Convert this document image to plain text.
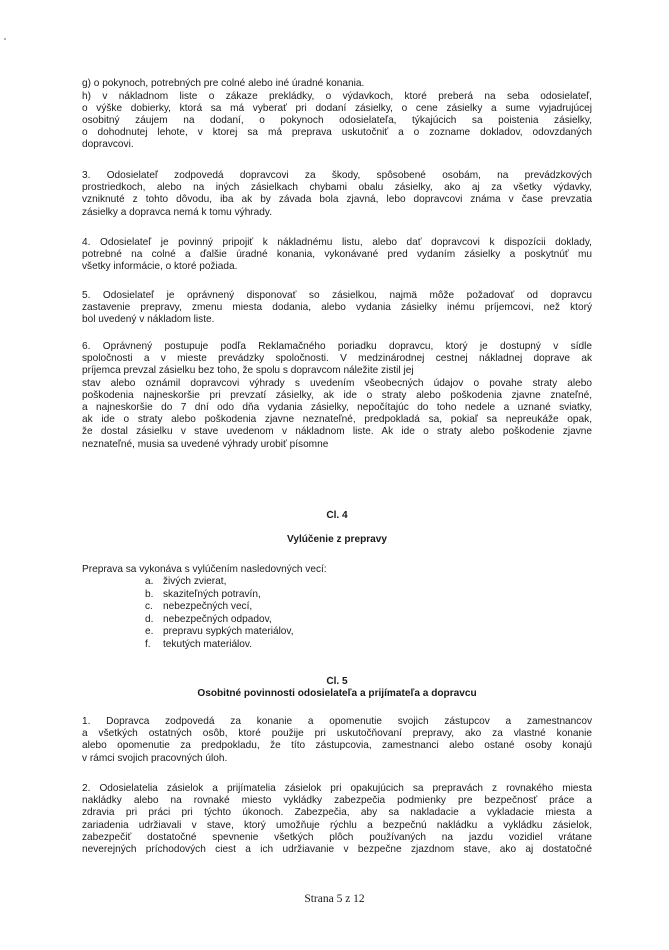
g) o pokynoch, potrebných pre colné alebo iné úradné konania.
h) v nákladnom liste o zákaze prekládky, o výdavkoch, ktoré preberá na seba odosielateľ,
o výške dobierky, ktorá sa má vyberať pri dodaní zásielky, o cene zásielky a sume vyjadrujúcej
osobitný záujem na dodaní, o pokynoch odosielateľa, týkajúcich sa poistenia zásielky,
o dohodnutej lehote, v ktorej sa má preprava uskutočniť a o zozname dokladov, odovzdaných
dopravcovi.
3. Odosielateľ zodpovedá dopravcovi za škody, spôsobené osobám, na prevádzkových
prostriedkoch, alebo na iných zásielkach chybami obalu zásielky, ako aj za všetky výdavky,
vzniknuté z tohto dôvodu, iba ak by závada bola zjavná, lebo dopravcovi známa v čase prevzatia
zásielky a dopravca nemá k tomu výhrady.
4. Odosielateľ je povinný pripojiť k nákladnému listu, alebo dať dopravcovi k dispozícii doklady,
potrebné na colné a ďalšie úradné konania, vykonávané pred vydaním zásielky a poskytnúť mu
všetky informácie, o ktoré požiada.
5. Odosielateľ je oprávnený disponovať so zásielkou, najmä môže požadovať od dopravcu
zastavenie prepravy, zmenu miesta dodania, alebo vydania zásielky inému príjemcovi, než ktorý
bol uvedený v nákladom liste.
6. Oprávnený postupuje podľa Reklamačného poriadku dopravcu, ktorý je dostupný v sídle
spoločnosti a v mieste prevádzky spoločnosti. V medzinárodnej cestnej nákladnej doprave ak
príjemca prevzal zásielku bez toho, že spolu s dopravcom náležite zistil jej
stav alebo oznámil dopravcovi výhrady s uvedením všeobecných údajov o povahe straty alebo
poškodenia najneskoršie pri prevzatí zásielky, ak ide o straty alebo poškodenia zjavne znateľné,
a najneskoršie do 7 dní odo dňa vydania zásielky, nepočítajúc do toho nedele a uznané sviatky,
ak ide o straty alebo poškodenia zjavne neznateľné, predpokladá sa, pokiaľ sa nepreukáže opak,
že dostal zásielku v stave uvedenom v nákladnom liste. Ak ide o straty alebo poškodenie zjavne
neznateľné, musia sa uvedené výhrady urobiť písomne
Čl. 4
Vylúčenie z prepravy
Preprava sa vykonáva s vylúčením nasledovných vecí:
a. živých zvierat,
b. skaziteľných potravín,
c. nebezpečných vecí,
d. nebezpečných odpadov,
e. prepravu sypkých materiálov,
f. tekutých materiálov.
Čl. 5
Osobitné povinnosti odosielateľa a prijímateľa a dopravcu
1. Dopravca zodpovedá za konanie a opomenutie svojich zástupcov a zamestnancov
a všetkých ostatných osôb, ktoré použije pri uskutočňovaní prepravy, ako za vlastné konanie
alebo opomenutie za predpokladu, že títo zástupcovia, zamestnanci alebo ostané osoby konajú
v rámci svojich pracovných úloh.
2. Odosielatelia zásielok a prijímatelia zásielok pri opakujúcich sa prepravách z rovnakého miesta
nakládky alebo na rovnaké miesto vykládky zabezpečia podmienky pre bezpečnosť práce a
zdravia pri práci pri týchto úkonoch. Zabezpečia, aby sa nakladacie a vykladacie miesta a
zariadenia udržiavali v stave, ktorý umožňuje rýchlu a bezpečnú nakládku a vykládku zásielok,
zabezpečiť dostatočné spevnenie všetkých plôch používaných na jazdu vozidiel vrátane
neverejných príchodových ciest a ich udržiavanie v bezpečne zjazdnom stave, ako aj dostatočné
Strana 5 z 12
